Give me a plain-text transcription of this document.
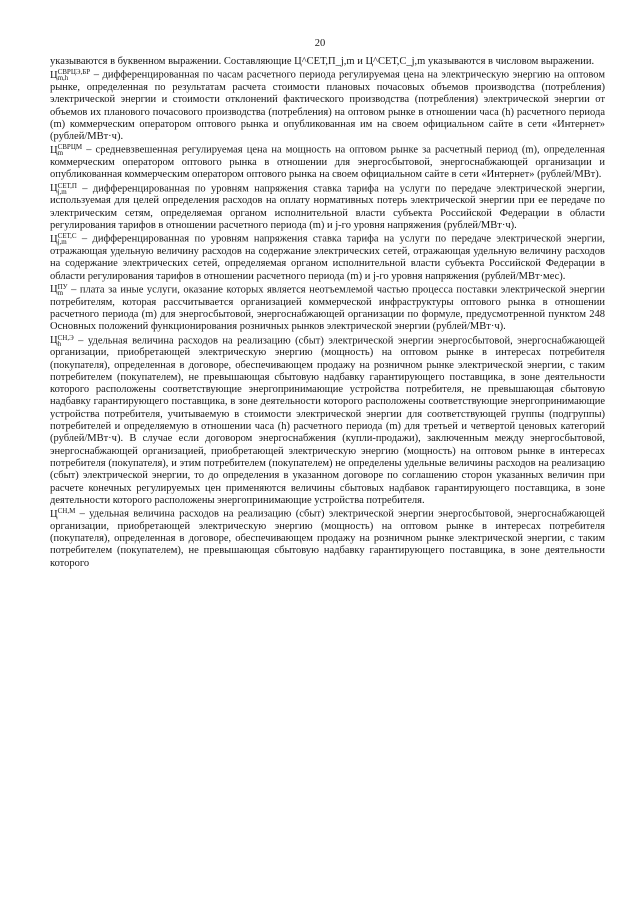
20

указываются в буквенном выражении. Составляющие Ц^СЕТ,П_j,m и Ц^СЕТ,С_j,m указываются в числовом выражении.

Ц СВРЦЭ,БР
m,h	– дифференцированная по часам расчетного периода регулируемая цена на электрическую энергию на оптовом рынке, определенная по результатам расчета стоимости плановых почасовых объемов производства (потребления) электрической энергии и стоимости отклонений фактического производства (потребления) электрической энергии от объемов их планового почасового производства (потребления) на оптовом рынке в отношении часа (h) расчетного периода (m) коммерческим оператором оптового рынка и опубликованная им на своем официальном сайте в сети «Интернет» (рублей/МВт·ч).

Ц СВРЦМ
m	– средневзвешенная регулируемая цена на мощность на оптовом рынке за расчетный период (m), определенная коммерческим оператором оптового рынка в отношении для энергосбытовой, энергоснабжающей организации и опубликованная коммерческим оператором оптового рынка на своем официальном сайте в сети «Интернет» (рублей/МВт).

Ц СЕТ,П
j,m – дифференцированная по уровням напряжения ставка тарифа на услуги по передаче электрической энергии, используемая для целей определения расходов на оплату нормативных потерь электрической энергии при ее передаче по электрическим сетям, определяемая органом исполнительной власти субъекта Российской Федерации в области регулирования тарифов в отношении расчетного периода (m) и j-го уровня напряжения (рублей/МВт·ч).

Ц СЕТ,С
j,m – дифференцированная по уровням напряжения ставка тарифа на услуги по передаче электрической энергии, отражающая удельную величину расходов на содержание электрических сетей, отражающая удельную величину расходов на содержание электрических сетей, определяемая органом исполнительной власти субъекта Российской Федерации в области регулирования тарифов в отношении расчетного периода (m) и j-го уровня напряжения (рублей/МВт·мес).

Ц ПУ
m – плата за иные услуги, оказание которых является неотъемлемой частью процесса поставки электрической энергии потребителям, которая рассчитывается организацией коммерческой инфраструктуры оптового рынка в отношении расчетного периода (m) для энергосбытовой, энергоснабжающей организации по формуле, предусмотренной пунктом 248 Основных положений функционирования розничных рынков электрической энергии (рублей/МВт·ч).

Ц СН,Э
h	– удельная величина расходов на реализацию (сбыт) электрической энергии энергосбытовой, энергоснабжающей организации, приобретающей электрическую энергию (мощность) на оптовом рынке в интересах потребителя (покупателя), определенная в договоре, обеспечивающем продажу на розничном рынке электрической энергии, с таким потребителем (покупателем), не превышающая сбытовую надбавку гарантирующего поставщика, в зоне деятельности которого расположены соответствующие энергопринимающие устройства потребителя, не превышающая сбытовую надбавку гарантирующего поставщика, в зоне деятельности которого расположены соответствующие энергопринимающие устройства потребителя, учитываемую в стоимости электрической энергии для соответствующей группы (подгруппы) потребителей и определяемую в отношении часа (h) расчетного периода (m) для третьей и четвертой ценовых категорий (рублей/МВт·ч). В случае если договором энергоснабжения (купли-продажи), заключенным между энергосбытовой, энергоснабжающей организацией, приобретающей электрическую энергию (мощность) на оптовом рынке в интересах потребителя (покупателя), и этим потребителем (покупателем) не определены удельные величины расходов на реализацию (сбыт) электрической энергии, то до определения в указанном договоре по соглашению сторон указанных величин при расчете конечных регулируемых цен применяются величины сбытовых надбавок гарантирующего поставщика, в зоне деятельности которого расположены энергопринимающие устройства потребителя.

Ц СН,М
– удельная величина расходов на реализацию (сбыт) электрической энергии энергосбытовой, энергоснабжающей организации, приобретающей электрическую энергию (мощность) на оптовом рынке в интересах потребителя (покупателя), определенная в договоре, обеспечивающем продажу на розничном рынке электрической энергии, с таким потребителем (покупателем), не превышающая сбытовую надбавку гарантирующего поставщика, в зоне деятельности которого
